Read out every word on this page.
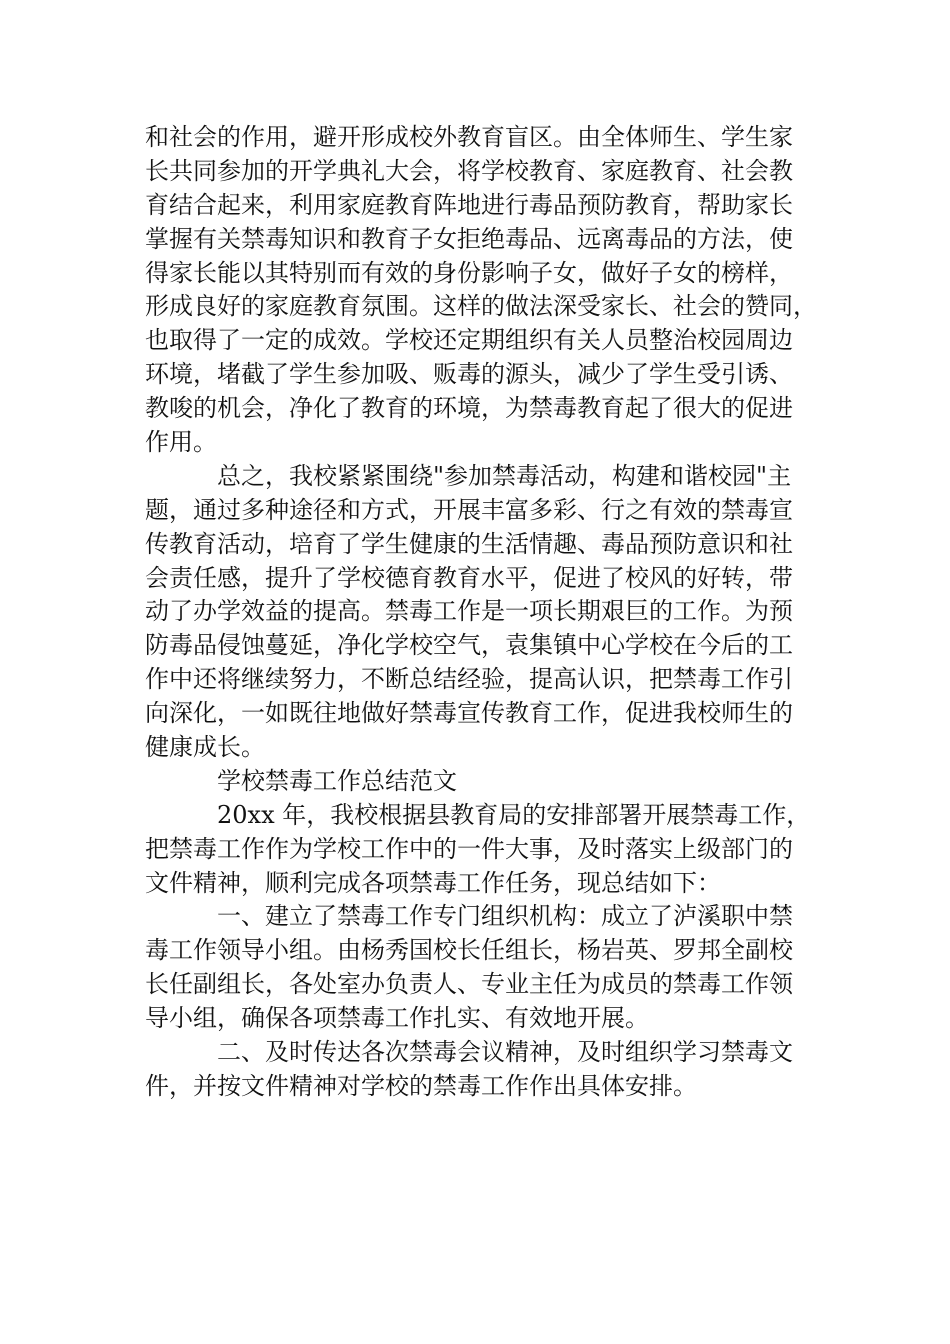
和社会的作用，避开形成校外教育盲区。由全体师生、学生家
长共同参加的开学典礼大会，将学校教育、家庭教育、社会教
育结合起来，利用家庭教育阵地进行毒品预防教育，帮助家长
掌握有关禁毒知识和教育子女拒绝毒品、远离毒品的方法，使
得家长能以其特别而有效的身份影响子女，做好子女的榜样，
形成良好的家庭教育氛围。这样的做法深受家长、社会的赞同，
也取得了一定的成效。学校还定期组织有关人员整治校园周边
环境，堵截了学生参加吸、贩毒的源头，减少了学生受引诱、
教唆的机会，净化了教育的环境，为禁毒教育起了很大的促进
作用。
总之，我校紧紧围绕"参加禁毒活动，构建和谐校园"主
题，通过多种途径和方式，开展丰富多彩、行之有效的禁毒宣
传教育活动，培育了学生健康的生活情趣、毒品预防意识和社
会责任感，提升了学校德育教育水平，促进了校风的好转，带
动了办学效益的提高。禁毒工作是一项长期艰巨的工作。为预
防毒品侵蚀蔓延，净化学校空气，袁集镇中心学校在今后的工
作中还将继续努力，不断总结经验，提高认识，把禁毒工作引
向深化，一如既往地做好禁毒宣传教育工作，促进我校师生的
健康成长。
学校禁毒工作总结范文
20xx 年，我校根据县教育局的安排部署开展禁毒工作，
把禁毒工作作为学校工作中的一件大事，及时落实上级部门的
文件精神，顺利完成各项禁毒工作任务，现总结如下：
一、建立了禁毒工作专门组织机构：成立了泸溪职中禁
毒工作领导小组。由杨秀国校长任组长，杨岩英、罗邦全副校
长任副组长，各处室办负责人、专业主任为成员的禁毒工作领
导小组，确保各项禁毒工作扎实、有效地开展。
二、及时传达各次禁毒会议精神，及时组织学习禁毒文
件，并按文件精神对学校的禁毒工作作出具体安排。
